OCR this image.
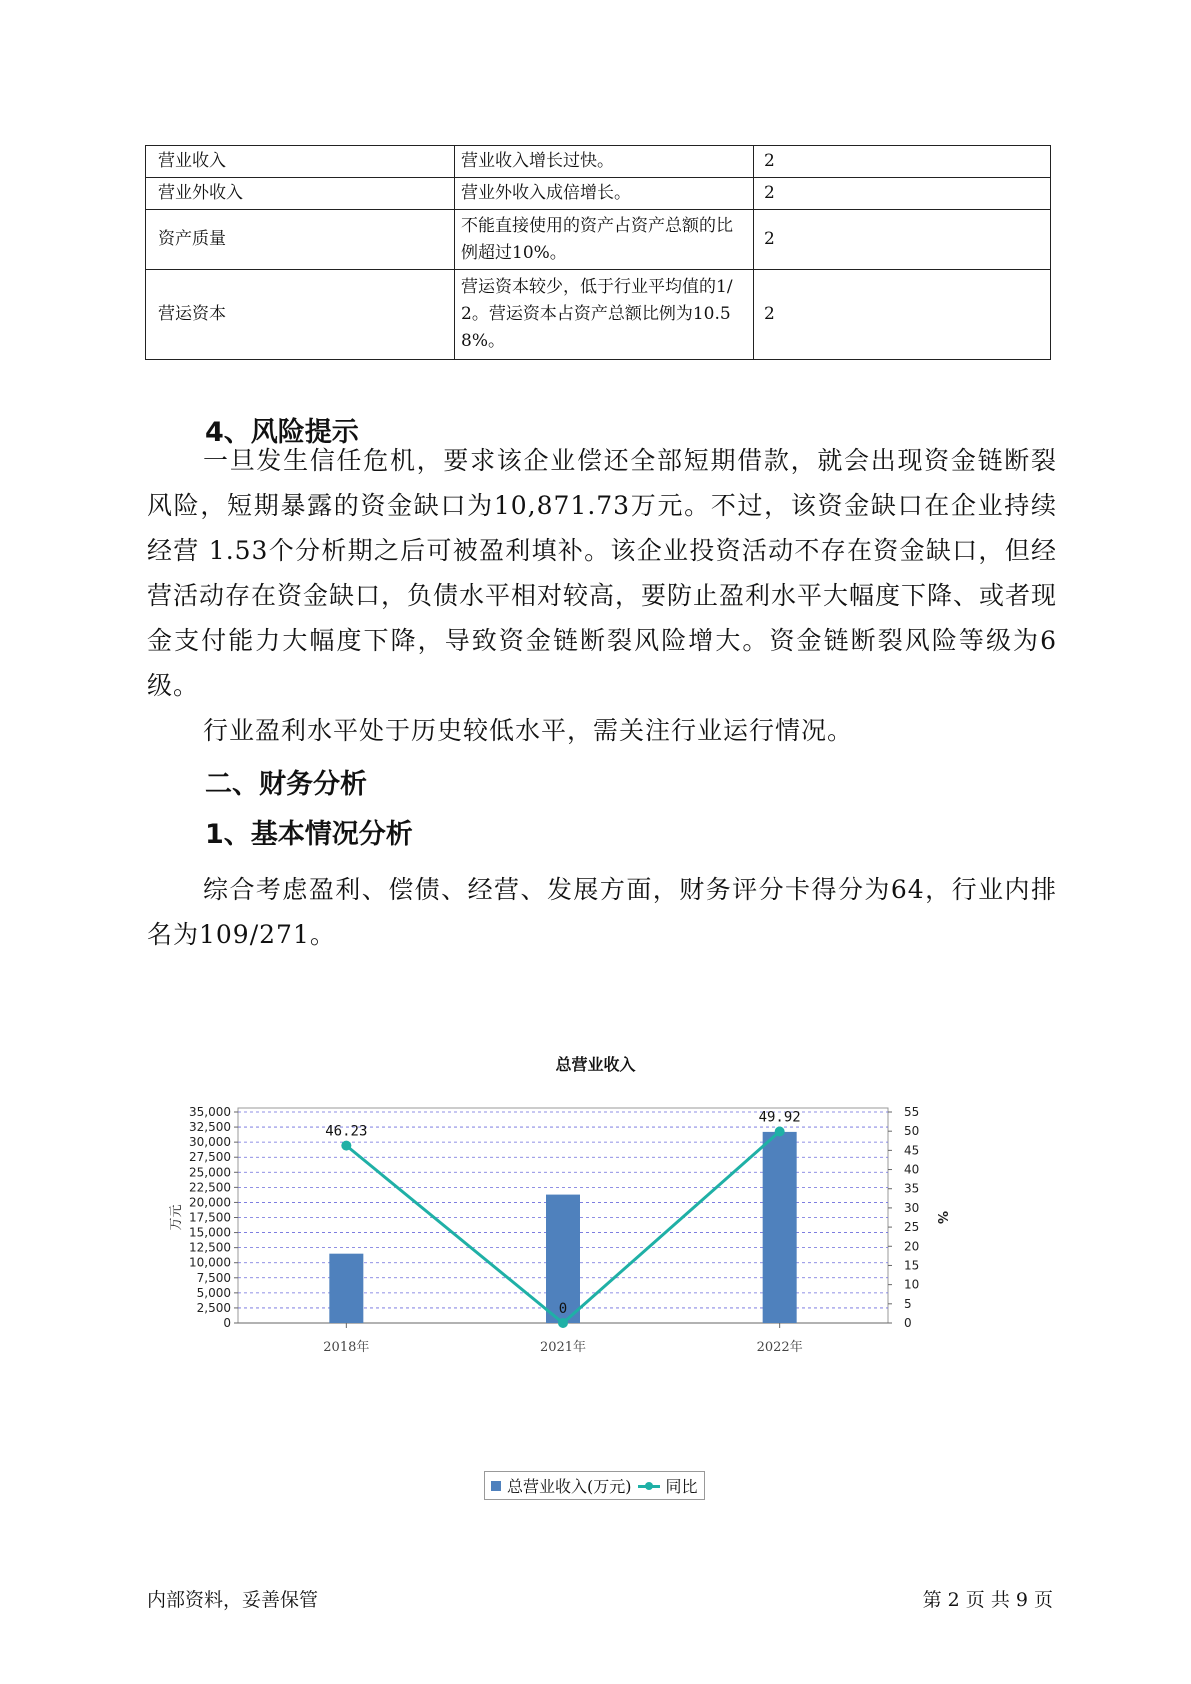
营业收入	营业收入增长过快。	2
营业外收入	营业外收入成倍增长。	2
资产质量	不能直接使用的资产占资产总额的比例超过10%。	2
营运资本	营运资本较少，低于行业平均值的1/2。营运资本占资产总额比例为10.58%。	2
4、风险提示
一旦发生信任危机，要求该企业偿还全部短期借款，就会出现资金链断裂风险，短期暴露的资金缺口为10,871.73万元。不过，该资金缺口在企业持续经营 1.53个分析期之后可被盈利填补。该企业投资活动不存在资金缺口，但经营活动存在资金缺口，负债水平相对较高，要防止盈利水平大幅度下降、或者现金支付能力大幅度下降，导致资金链断裂风险增大。资金链断裂风险等级为6级。
行业盈利水平处于历史较低水平，需关注行业运行情况。
二、财务分析
1、基本情况分析
综合考虑盈利、偿债、经营、发展方面，财务评分卡得分为64，行业内排名为109/271。
总营业收入
0
2,500
5,000
7,500
10,000
12,500
15,000
17,500
20,000
22,500
25,000
27,500
30,000
32,500
35,000
0
5
10
15
20
25
30
35
40
45
50
55
万元	%
2018年	2021年	2022年
46.23
0
49.92
总营业收入(万元) 同比
内部资料，妥善保管	第 2 页 共 9 页
